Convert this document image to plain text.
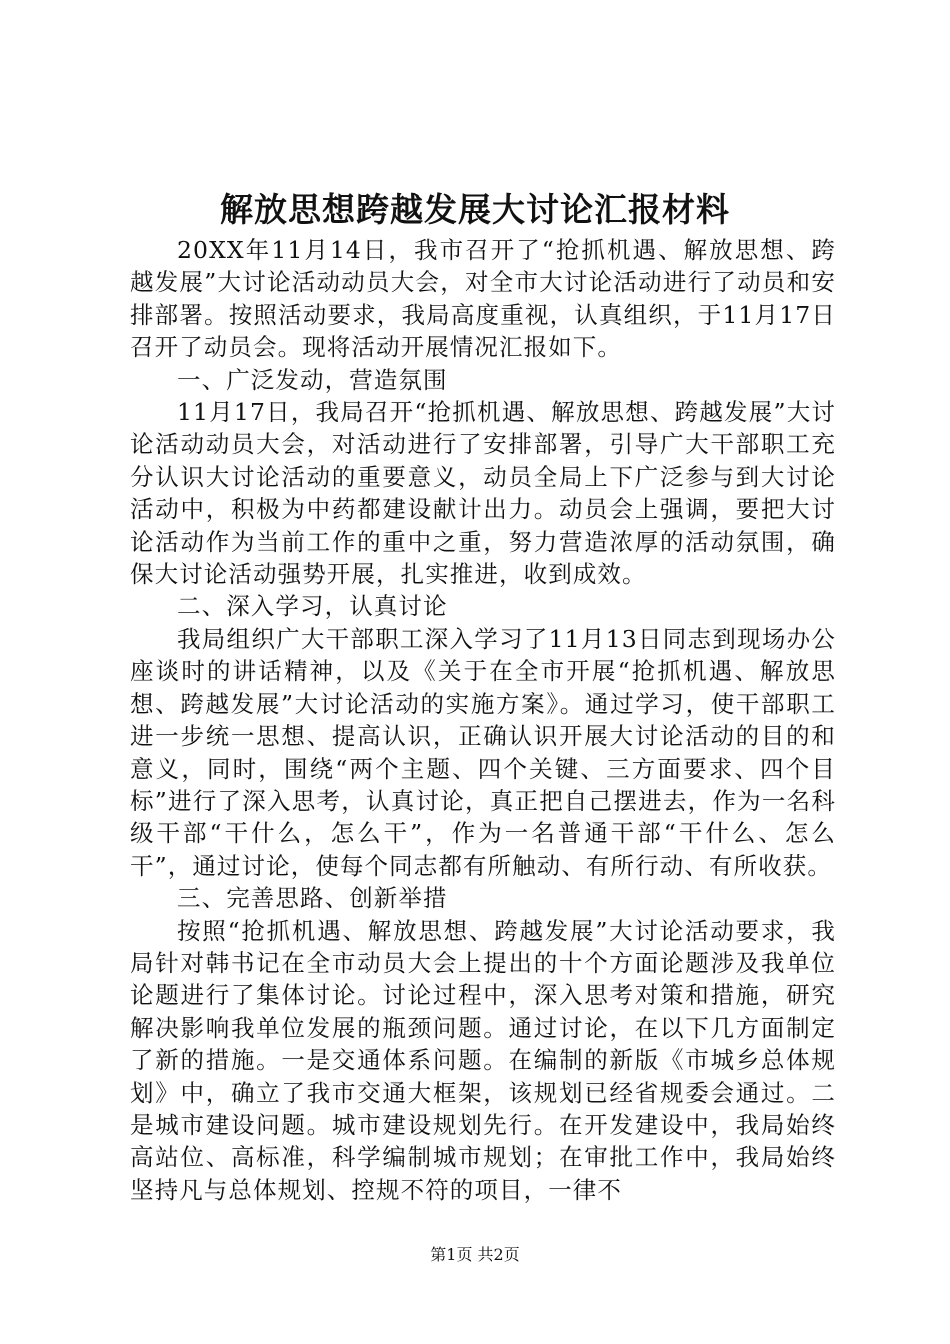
解放思想跨越发展大讨论汇报材料

20XX年11月14日，我市召开了“抢抓机遇、解放思想、跨越发展”大讨论活动动员大会，对全市大讨论活动进行了动员和安排部署。按照活动要求，我局高度重视，认真组织，于11月17日召开了动员会。现将活动开展情况汇报如下。

一、广泛发动，营造氛围

11月17日，我局召开“抢抓机遇、解放思想、跨越发展”大讨论活动动员大会，对活动进行了安排部署，引导广大干部职工充分认识大讨论活动的重要意义，动员全局上下广泛参与到大讨论活动中，积极为中药都建设献计出力。动员会上强调，要把大讨论活动作为当前工作的重中之重，努力营造浓厚的活动氛围，确保大讨论活动强势开展，扎实推进，收到成效。

二、深入学习，认真讨论

我局组织广大干部职工深入学习了11月13日同志到现场办公座谈时的讲话精神，以及《关于在全市开展“抢抓机遇、解放思想、跨越发展”大讨论活动的实施方案》。通过学习，使干部职工进一步统一思想、提高认识，正确认识开展大讨论活动的目的和意义，同时，围绕“两个主题、四个关键、三方面要求、四个目标”进行了深入思考，认真讨论，真正把自己摆进去，作为一名科级干部“干什么，怎么干”，作为一名普通干部“干什么、怎么干”，通过讨论，使每个同志都有所触动、有所行动、有所收获。

三、完善思路、创新举措

按照“抢抓机遇、解放思想、跨越发展”大讨论活动要求，我局针对韩书记在全市动员大会上提出的十个方面论题涉及我单位论题进行了集体讨论。讨论过程中，深入思考对策和措施，研究解决影响我单位发展的瓶颈问题。通过讨论，在以下几方面制定了新的措施。一是交通体系问题。在编制的新版《市城乡总体规划》中，确立了我市交通大框架，该规划已经省规委会通过。二是城市建设问题。城市建设规划先行。在开发建设中，我局始终高站位、高标准，科学编制城市规划；在审批工作中，我局始终坚持凡与总体规划、控规不符的项目，一律不

第1页 共2页
